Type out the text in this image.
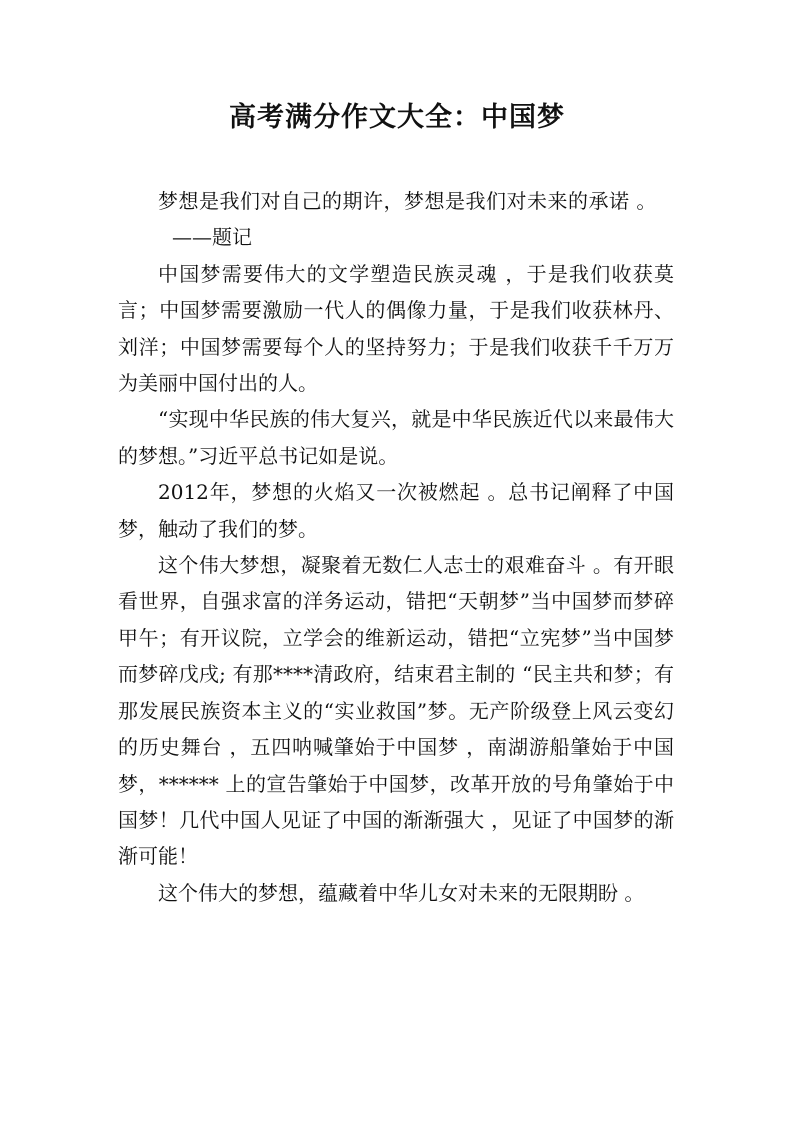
高考满分作文大全：中国梦

梦想是我们对自己的期许，梦想是我们对未来的承诺 。

——题记

中国梦需要伟大的文学塑造民族灵魂 ，于是我们收获莫言；中国梦需要激励一代人的偶像力量，于是我们收获林丹、刘洋；中国梦需要每个人的坚持努力；于是我们收获千千万万为美丽中国付出的人。

“实现中华民族的伟大复兴，就是中华民族近代以来最伟大的梦想。”习近平总书记如是说。

2012年，梦想的火焰又一次被燃起 。总书记阐释了中国梦，触动了我们的梦。

这个伟大梦想，凝聚着无数仁人志士的艰难奋斗 。有开眼看世界，自强求富的洋务运动，错把“天朝梦”当中国梦而梦碎甲午；有开议院，立学会的维新运动，错把“立宪梦”当中国梦而梦碎戊戌; 有那****清政府，结束君主制的 “民主共和梦；有那发展民族资本主义的“实业救国”梦。无产阶级登上风云变幻的历史舞台 ，五四呐喊肇始于中国梦 ，南湖游船肇始于中国梦，****** 上的宣告肇始于中国梦，改革开放的号角肇始于中国梦！几代中国人见证了中国的渐渐强大 ，见证了中国梦的渐渐可能！

这个伟大的梦想，蕴藏着中华儿女对未来的无限期盼 。
